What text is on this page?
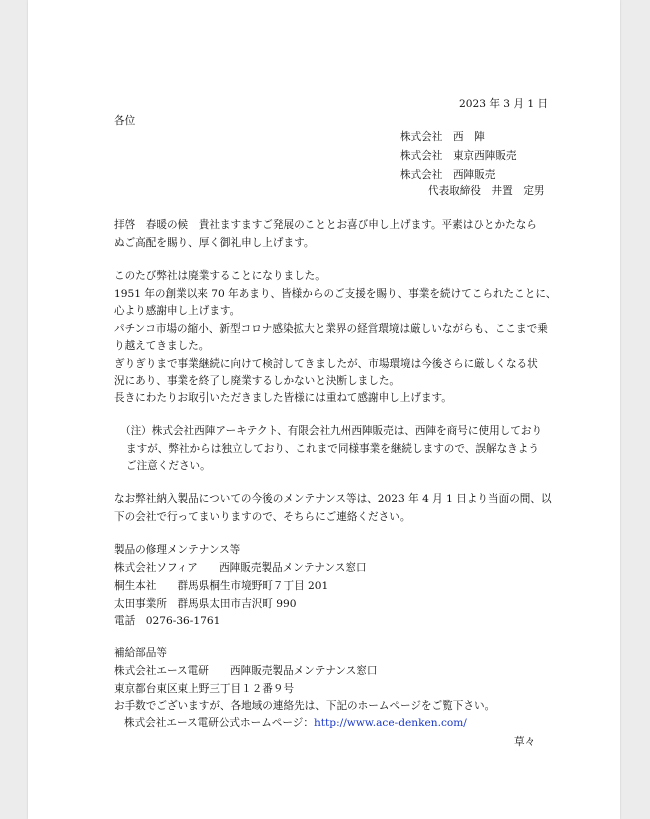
2023 年 3 月 1 日
各位
株式会社　西　陣
株式会社　東京西陣販売
株式会社　西陣販売
代表取締役　井置　定男
拝啓　春暖の候　貴社ますますご発展のこととお喜び申し上げます。平素はひとかたなら
ぬご高配を賜り、厚く御礼申し上げます。
このたび弊社は廃業することになりました。
1951 年の創業以来 70 年あまり、皆様からのご支援を賜り、事業を続けてこられたことに、
心より感謝申し上げます。
パチンコ市場の縮小、新型コロナ感染拡大と業界の経営環境は厳しいながらも、ここまで乗
り越えてきました。
ぎりぎりまで事業継続に向けて検討してきましたが、市場環境は今後さらに厳しくなる状
況にあり、事業を終了し廃業するしかないと決断しました。
長きにわたりお取引いただきました皆様には重ねて感謝申し上げます。
（注）株式会社西陣アーキテクト、有限会社九州西陣販売は、西陣を商号に使用しており
ますが、弊社からは独立しており、これまで同様事業を継続しますので、誤解なきよう
ご注意ください。
なお弊社納入製品についての今後のメンテナンス等は、2023 年 4 月 1 日より当面の間、以
下の会社で行ってまいりますので、そちらにご連絡ください。
製品の修理メンテナンス等
株式会社ソフィア　　西陣販売製品メンテナンス窓口
桐生本社　　群馬県桐生市境野町７丁目 201
太田事業所　群馬県太田市吉沢町 990
電話　0276-36-1761
補給部品等
株式会社エース電研　　西陣販売製品メンテナンス窓口
東京都台東区東上野三丁目１２番９号
お手数でございますが、各地域の連絡先は、下記のホームページをご覧下さい。
株式会社エース電研公式ホームページ：http://www.ace-denken.com/
草々
